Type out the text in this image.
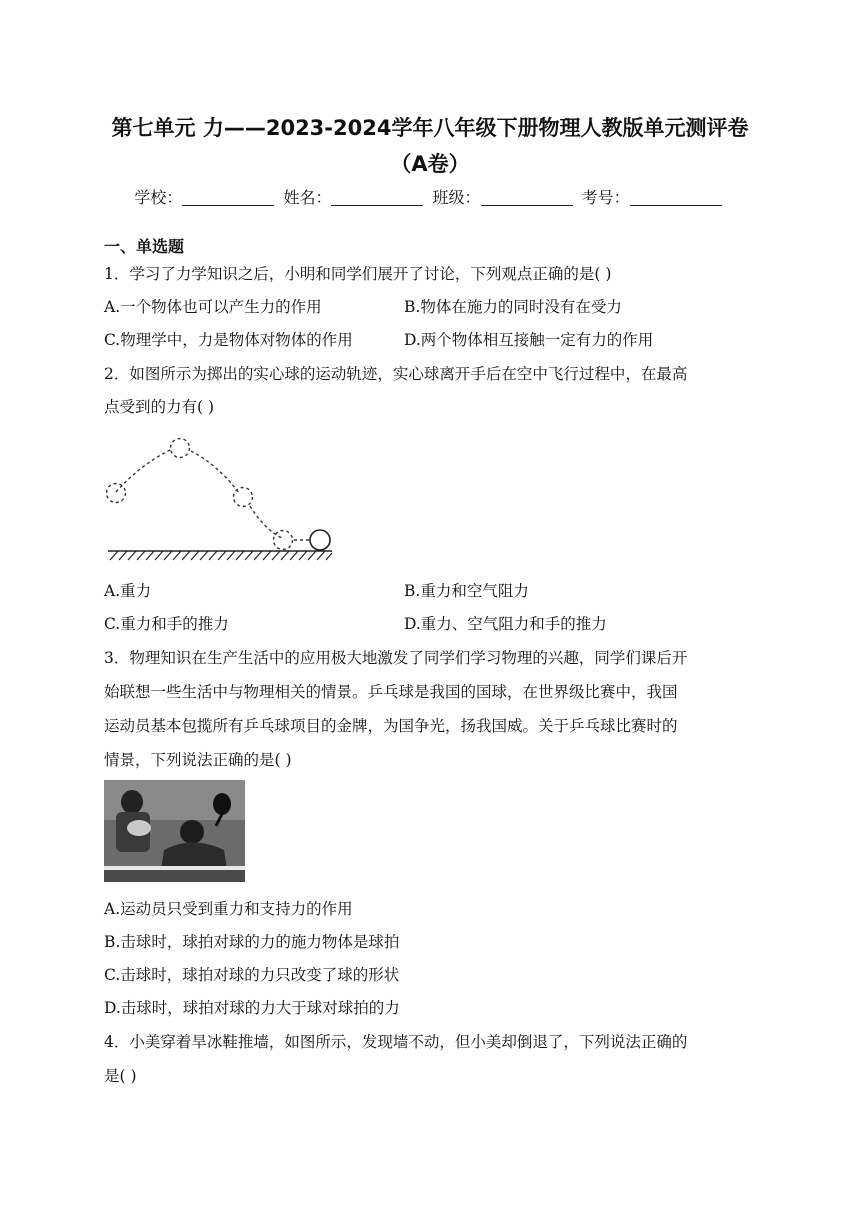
第七单元 力——2023-2024学年八年级下册物理人教版单元测评卷
（A卷）
学校：	姓名：	班级：	考号：
一、单选题
1．学习了力学知识之后，小明和同学们展开了讨论，下列观点正确的是( )
A.一个物体也可以产生力的作用	B.物体在施力的同时没有在受力
C.物理学中，力是物体对物体的作用	D.两个物体相互接触一定有力的作用
2．如图所示为掷出的实心球的运动轨迹，实心球离开手后在空中飞行过程中，在最高
点受到的力有( )
A.重力	B.重力和空气阻力
C.重力和手的推力	D.重力、空气阻力和手的推力
3．物理知识在生产生活中的应用极大地激发了同学们学习物理的兴趣，同学们课后开
始联想一些生活中与物理相关的情景。乒乓球是我国的国球，在世界级比赛中，我国
运动员基本包揽所有乒乓球项目的金牌，为国争光，扬我国威。关于乒乓球比赛时的
情景，下列说法正确的是( )
A.运动员只受到重力和支持力的作用
B.击球时，球拍对球的力的施力物体是球拍
C.击球时，球拍对球的力只改变了球的形状
D.击球时，球拍对球的力大于球对球拍的力
4．小美穿着旱冰鞋推墙，如图所示，发现墙不动，但小美却倒退了，下列说法正确的
是( )
